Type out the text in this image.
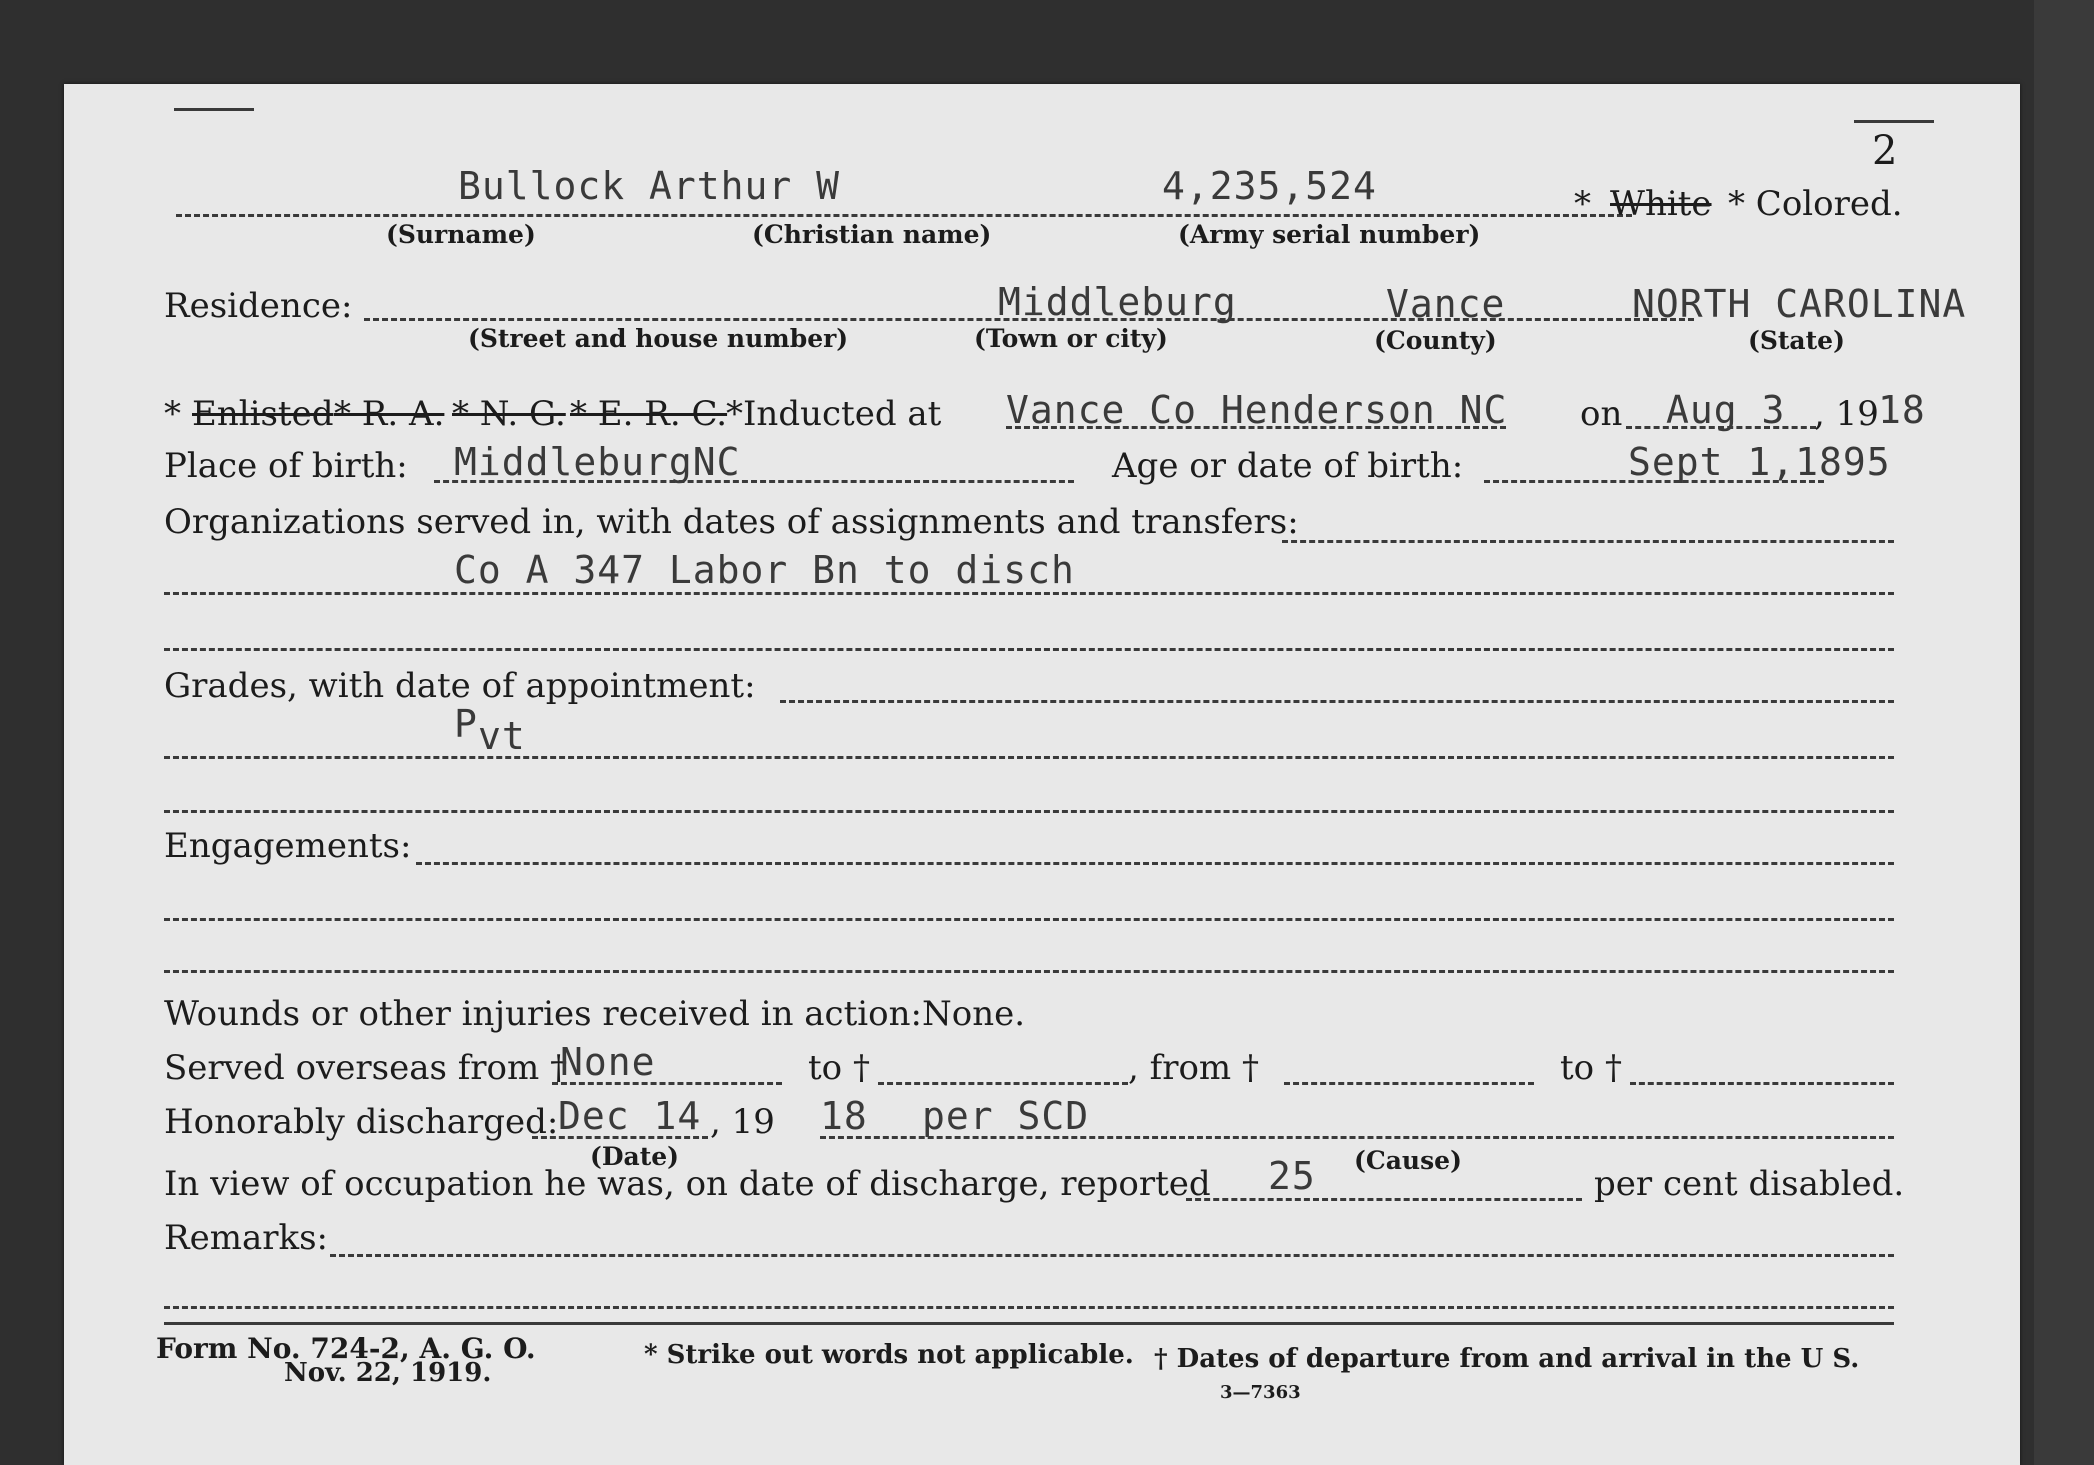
2
Bullock Arthur W	4,235,524	* White * Colored.
(Surname)	(Christian name)	(Army serial number)
Residence:	Middleburg	Vance	NORTH CAROLINA
(Street and house number)	(Town or city)	(County)	(State)
* Enlisted * R. A. * N. G. * E. R. C.
*Inducted at Vance Co Henderson NC on Aug 3 , 19 18
Place of birth: MiddleburgNC	Age or date of birth:	Sept 1,1895
Organizations served in, with dates of assignments and transfers:
Co A 347 Labor Bn to disch
Grades, with date of appointment:
P vt
Engagements:
Wounds or other injuries received in action: None.
Served overseas from †
None	to †	, from †	to †
Honorably discharged: Dec 14 , 19 18 per SCD
(Date)	(Cause)
In view of occupation he was, on date of discharge, reported 25	per cent disabled.
Remarks:
Form No. 724-2, A. G. O.
Nov. 22, 1919.
* Strike out words not applicable. † Dates of departure from and arrival in the U S.
3—7363
